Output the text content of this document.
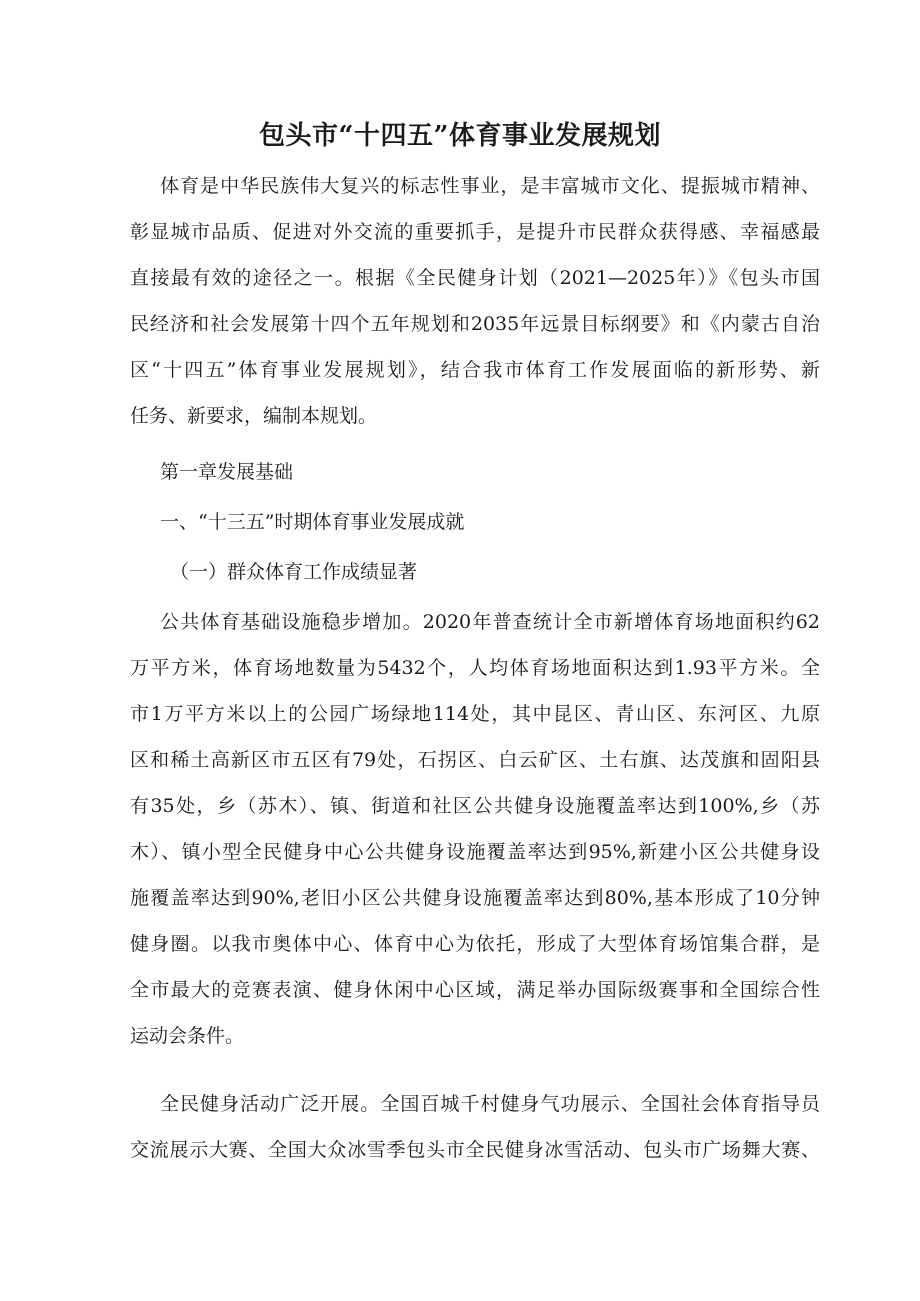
包头市“十四五”体育事业发展规划
体育是中华民族伟大复兴的标志性事业，是丰富城市文化、提振城市精神、
彰显城市品质、促进对外交流的重要抓手，是提升市民群众获得感、幸福感最
直接最有效的途径之一。根据《全民健身计划（2021—2025年）》《包头市国
民经济和社会发展第十四个五年规划和2035年远景目标纲要》和《内蒙古自治
区“十四五”体育事业发展规划》，结合我市体育工作发展面临的新形势、新
任务、新要求，编制本规划。
第一章发展基础
一、“十三五”时期体育事业发展成就
（一）群众体育工作成绩显著
公共体育基础设施稳步增加。2020年普查统计全市新增体育场地面积约62
万平方米，体育场地数量为5432个，人均体育场地面积达到1.93平方米。全
市1万平方米以上的公园广场绿地114处，其中昆区、青山区、东河区、九原
区和稀土高新区市五区有79处，石拐区、白云矿区、土右旗、达茂旗和固阳县
有35处，乡（苏木）、镇、街道和社区公共健身设施覆盖率达到100%,乡（苏
木）、镇小型全民健身中心公共健身设施覆盖率达到95%,新建小区公共健身设
施覆盖率达到90%,老旧小区公共健身设施覆盖率达到80%,基本形成了10分钟
健身圈。以我市奥体中心、体育中心为依托，形成了大型体育场馆集合群，是
全市最大的竞赛表演、健身休闲中心区域，满足举办国际级赛事和全国综合性
运动会条件。
全民健身活动广泛开展。全国百城千村健身气功展示、全国社会体育指导员
交流展示大赛、全国大众冰雪季包头市全民健身冰雪活动、包头市广场舞大赛、
